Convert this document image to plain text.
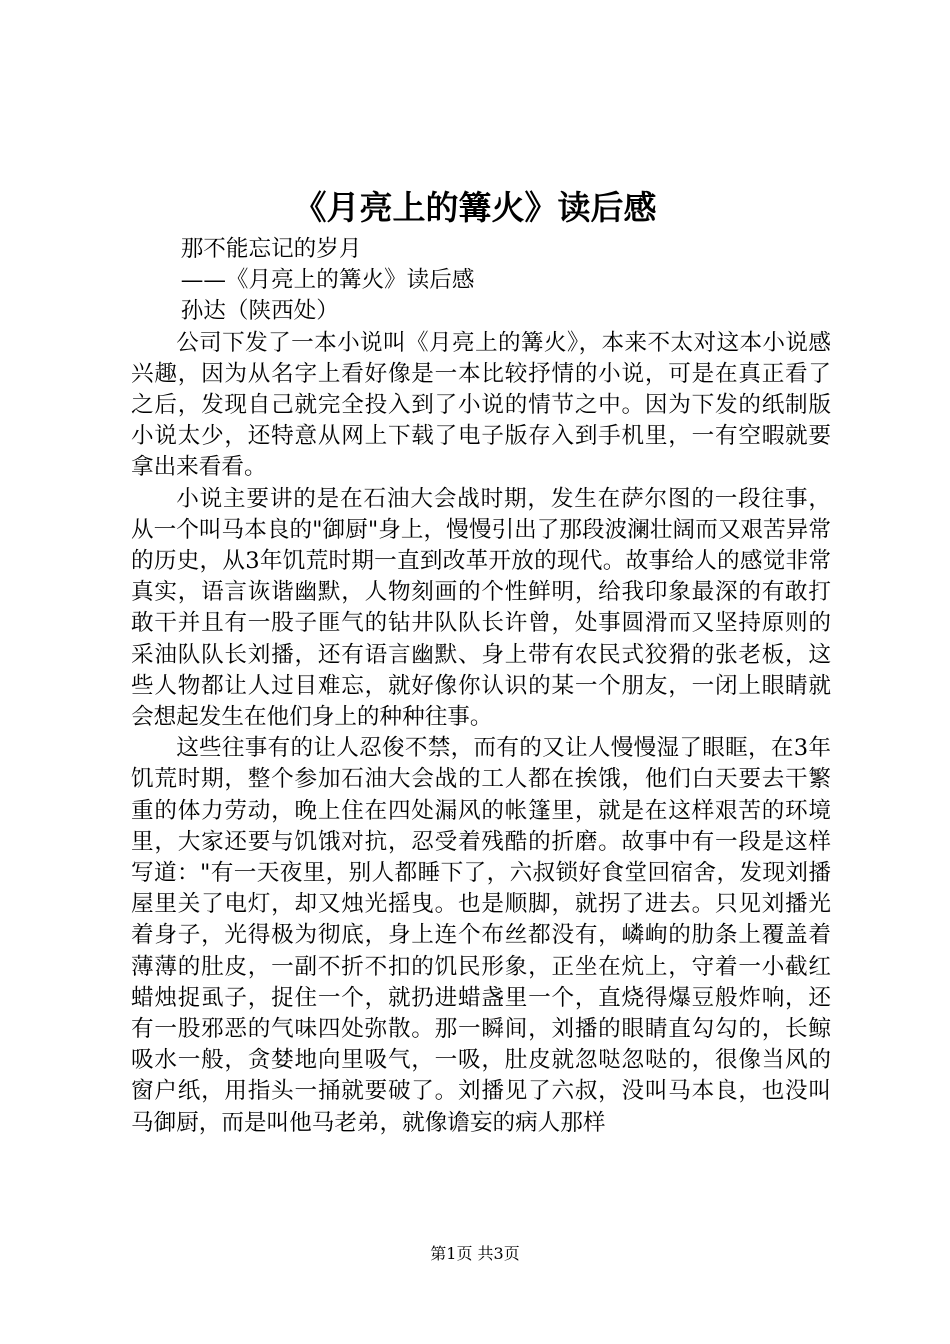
《月亮上的篝火》读后感

那不能忘记的岁月

——《月亮上的篝火》读后感

孙达（陕西处）

公司下发了一本小说叫《月亮上的篝火》，本来不太对这本小说感兴趣，因为从名字上看好像是一本比较抒情的小说，可是在真正看了之后，发现自己就完全投入到了小说的情节之中。因为下发的纸制版小说太少，还特意从网上下载了电子版存入到手机里，一有空暇就要拿出来看看。

小说主要讲的是在石油大会战时期，发生在萨尔图的一段往事，从一个叫马本良的"御厨"身上，慢慢引出了那段波澜壮阔而又艰苦异常的历史，从3年饥荒时期一直到改革开放的现代。故事给人的感觉非常真实，语言诙谐幽默，人物刻画的个性鲜明，给我印象最深的有敢打敢干并且有一股子匪气的钻井队队长许曾，处事圆滑而又坚持原则的采油队队长刘播，还有语言幽默、身上带有农民式狡猾的张老板，这些人物都让人过目难忘，就好像你认识的某一个朋友，一闭上眼睛就会想起发生在他们身上的种种往事。

这些往事有的让人忍俊不禁，而有的又让人慢慢湿了眼眶，在3年饥荒时期，整个参加石油大会战的工人都在挨饿，他们白天要去干繁重的体力劳动，晚上住在四处漏风的帐篷里，就是在这样艰苦的环境里，大家还要与饥饿对抗，忍受着残酷的折磨。故事中有一段是这样写道："有一天夜里，别人都睡下了，六叔锁好食堂回宿舍，发现刘播屋里关了电灯，却又烛光摇曳。也是顺脚，就拐了进去。只见刘播光着身子，光得极为彻底，身上连个布丝都没有，嶙峋的肋条上覆盖着薄薄的肚皮，一副不折不扣的饥民形象，正坐在炕上，守着一小截红蜡烛捉虱子，捉住一个，就扔进蜡盏里一个，直烧得爆豆般炸响，还有一股邪恶的气味四处弥散。那一瞬间，刘播的眼睛直勾勾的，长鲸吸水一般，贪婪地向里吸气，一吸，肚皮就忽哒忽哒的，很像当风的窗户纸，用指头一捅就要破了。刘播见了六叔，没叫马本良，也没叫马御厨，而是叫他马老弟，就像谵妄的病人那样

第1页 共3页
